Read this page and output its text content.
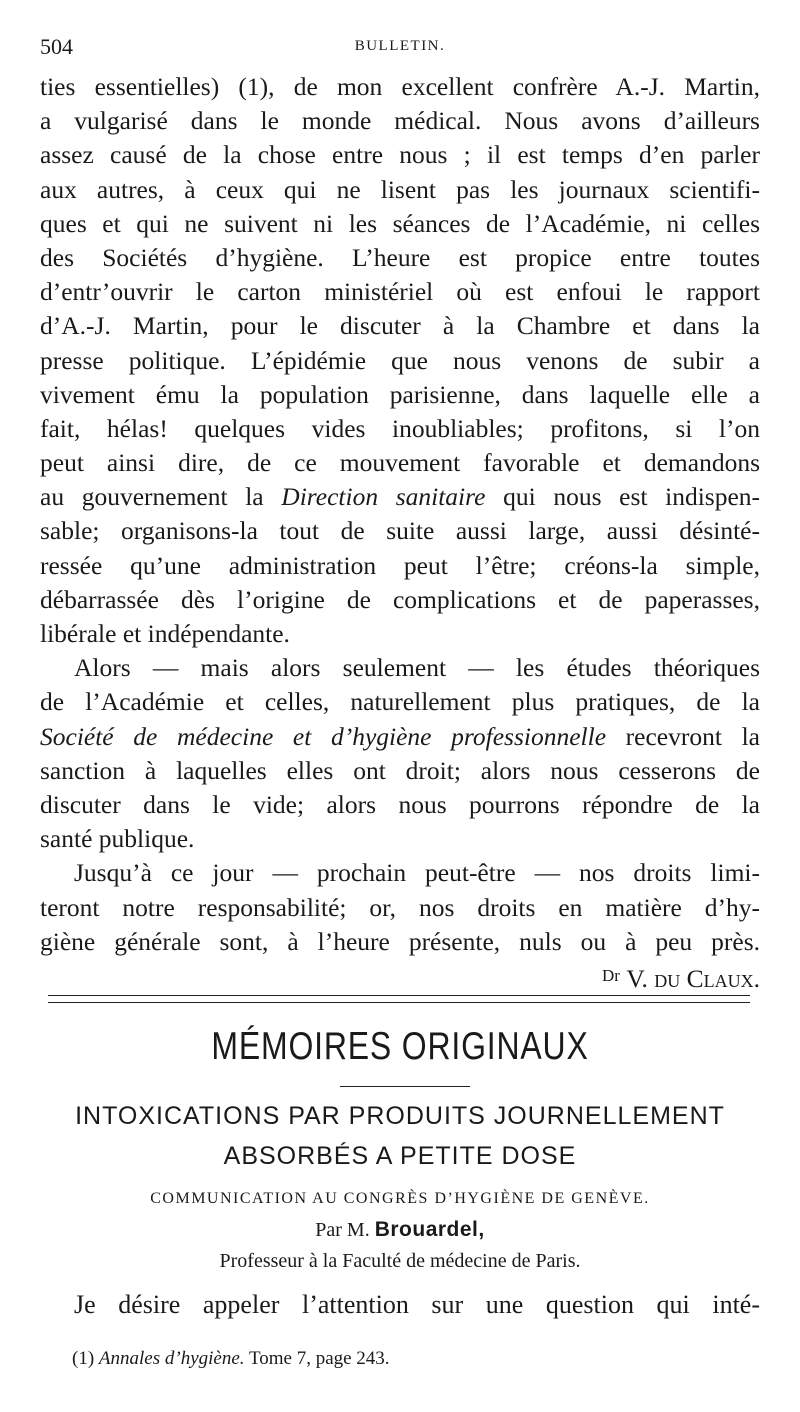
504	BULLETIN.
ties essentielles) (1), de mon excellent confrère A.-J. Martin,
a vulgarisé dans le monde médical. Nous avons d’ailleurs
assez causé de la chose entre nous ; il est temps d’en parler
aux autres, à ceux qui ne lisent pas les journaux scientifi-
ques et qui ne suivent ni les séances de l’Académie, ni celles
des Sociétés d’hygiène. L’heure est propice entre toutes
d’entr’ouvrir le carton ministériel où est enfoui le rapport
d’A.-J. Martin, pour le discuter à la Chambre et dans la
presse politique. L’épidémie que nous venons de subir a
vivement ému la population parisienne, dans laquelle elle a
fait, hélas! quelques vides inoubliables; profitons, si l’on
peut ainsi dire, de ce mouvement favorable et demandons
au gouvernement la Direction sanitaire qui nous est indispen-
sable; organisons-la tout de suite aussi large, aussi désinté-
ressée qu’une administration peut l’être; créons-la simple,
débarrassée dès l’origine de complications et de paperasses,
libérale et indépendante.
Alors — mais alors seulement — les études théoriques
de l’Académie et celles, naturellement plus pratiques, de la
Société de médecine et d’hygiène professionnelle recevront la
sanction à laquelles elles ont droit; alors nous cesserons de
discuter dans le vide; alors nous pourrons répondre de la
santé publique.
Jusqu’à ce jour — prochain peut-être — nos droits limi-
teront notre responsabilité; or, nos droits en matière d’hy-
giène générale sont, à l’heure présente, nuls ou à peu près.
$^{Dr}$ V. du Claux.
MÉMOIRES ORIGINAUX
INTOXICATIONS PAR PRODUITS JOURNELLEMENT
ABSORBÉS A PETITE DOSE
COMMUNICATION AU CONGRÈS D’HYGIÈNE DE GENÈVE.
Par M. Brouardel,
Professeur à la Faculté de médecine de Paris.
Je désire appeler l’attention sur une question qui inté-
(1) Annales d’hygiène. Tome 7, page 243.
